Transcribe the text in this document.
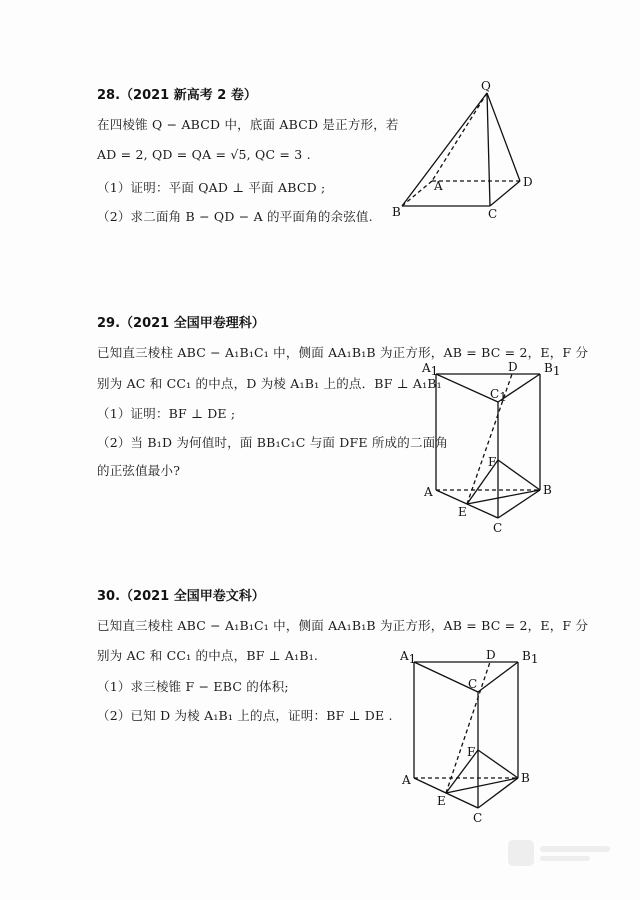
28.（2021 新高考 2 卷）
在四棱锥 Q − ABCD 中，底面 ABCD 是正方形，若
AD = 2, QD = QA = √5, QC = 3 .
（1）证明：平面 QAD ⊥ 平面 ABCD ;
（2）求二面角 B − QD − A 的平面角的余弦值.
Q
A	D
B	C
29.（2021 全国甲卷理科）
已知直三棱柱 ABC − A₁B₁C₁ 中，侧面 AA₁B₁B 为正方形，AB = BC = 2，E，F 分
别为 AC 和 CC₁ 的中点，D 为棱 A₁B₁ 上的点．BF ⊥ A₁B₁
（1）证明：BF ⊥ DE ;
（2）当 B₁D 为何值时，面 BB₁C₁C 与面 DFE 所成的二面角
的正弦值最小?
A1	D B1
C1
F
A	B
E
C
30.（2021 全国甲卷文科）
已知直三棱柱 ABC − A₁B₁C₁ 中，侧面 AA₁B₁B 为正方形，AB = BC = 2，E，F 分
别为 AC 和 CC₁ 的中点，BF ⊥ A₁B₁.
（1）求三棱锥 F − EBC 的体积;
（2）已知 D 为棱 A₁B₁ 上的点，证明：BF ⊥ DE .
A1	D B1
C
F
A	B
E
C
